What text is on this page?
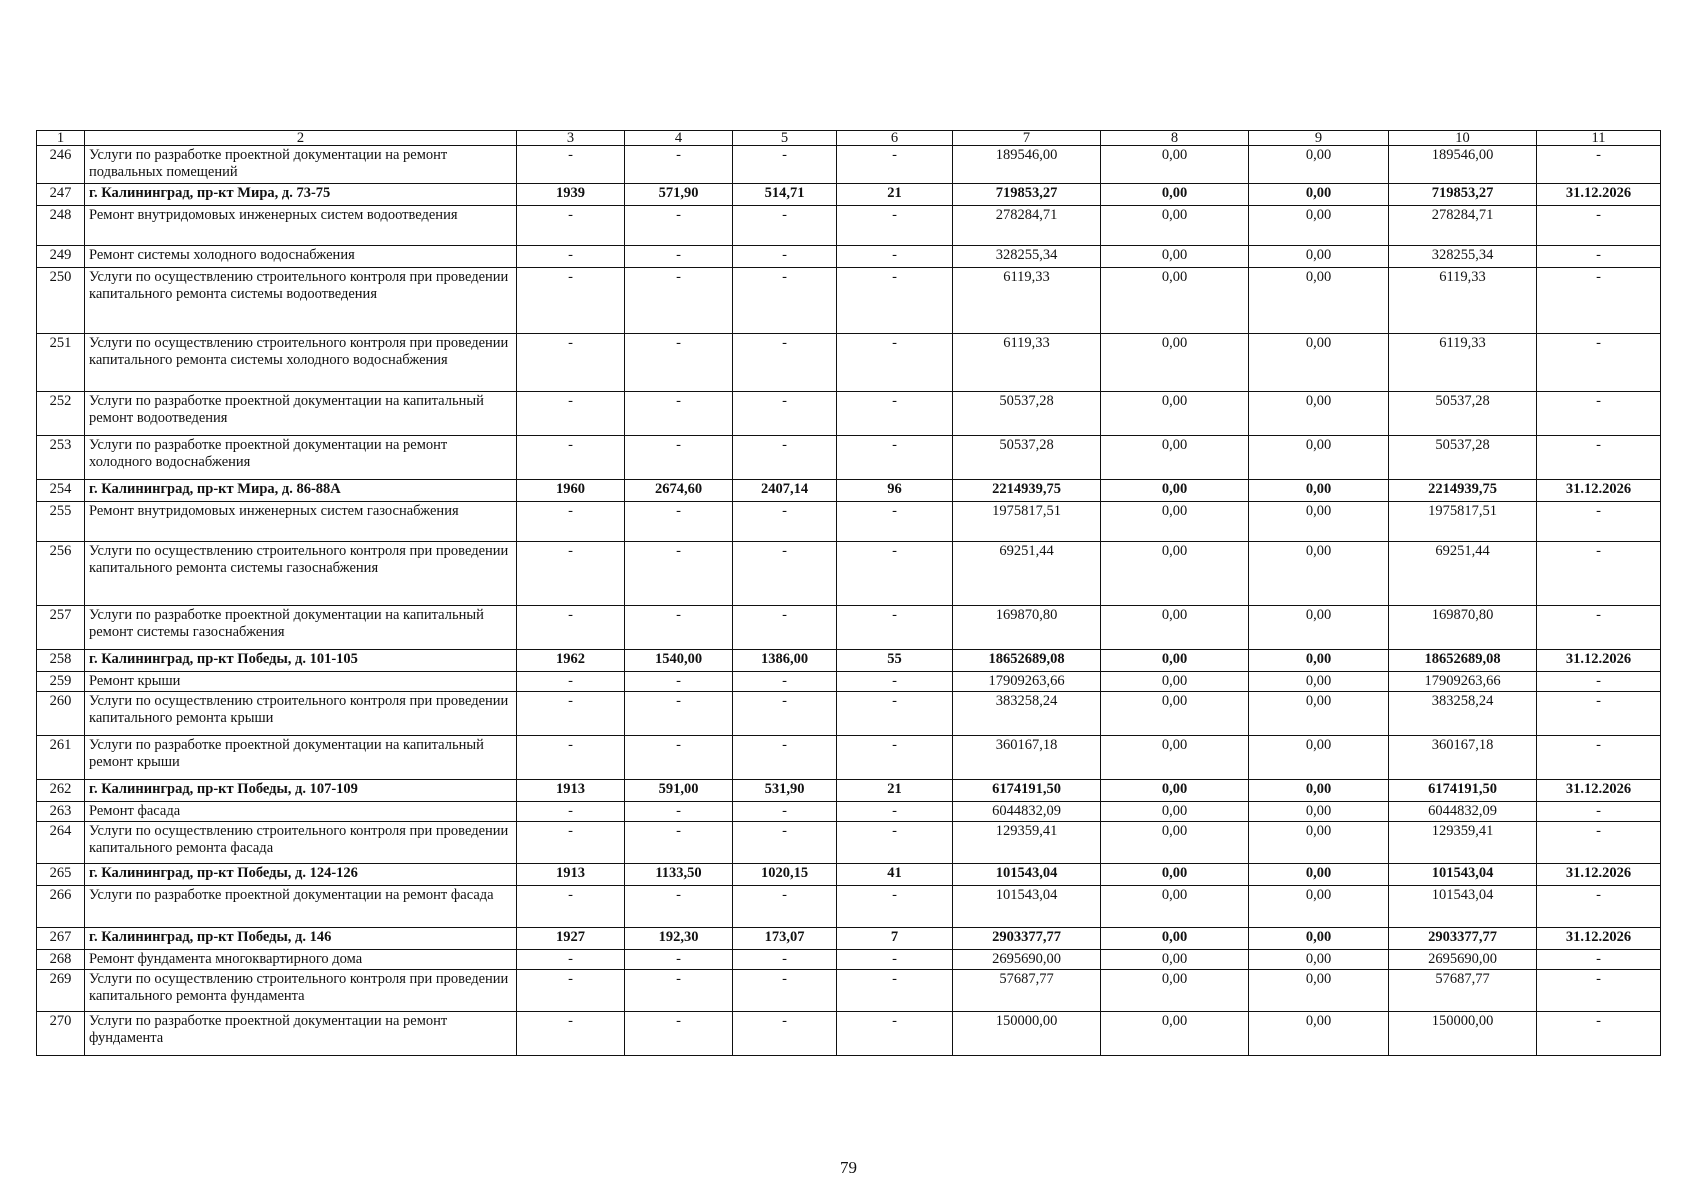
1	2	3	4	5	6	7	8	9	10	11
246	Услуги по разработке проектной документации на ремонт подвальных помещений	-	-	-	-	189546,00	0,00	0,00	189546,00	-
247	г. Калининград, пр-кт Мира, д. 73-75	1939	571,90	514,71	21	719853,27	0,00	0,00	719853,27	31.12.2026
248	Ремонт внутридомовых инженерных систем водоотведения	-	-	-	-	278284,71	0,00	0,00	278284,71	-
249	Ремонт системы холодного водоснабжения	-	-	-	-	328255,34	0,00	0,00	328255,34	-
250	Услуги по осуществлению строительного контроля при проведении капитального ремонта системы водоотведения	-	-	-	-	6119,33	0,00	0,00	6119,33	-
251	Услуги по осуществлению строительного контроля при проведении капитального ремонта системы холодного водоснабжения	-	-	-	-	6119,33	0,00	0,00	6119,33	-
252	Услуги по разработке проектной документации на капитальный ремонт водоотведения	-	-	-	-	50537,28	0,00	0,00	50537,28	-
253	Услуги по разработке проектной документации на ремонт холодного водоснабжения	-	-	-	-	50537,28	0,00	0,00	50537,28	-
254	г. Калининград, пр-кт Мира, д. 86-88А	1960	2674,60	2407,14	96	2214939,75	0,00	0,00	2214939,75	31.12.2026
255	Ремонт внутридомовых инженерных систем газоснабжения	-	-	-	-	1975817,51	0,00	0,00	1975817,51	-
256	Услуги по осуществлению строительного контроля при проведении капитального ремонта системы газоснабжения	-	-	-	-	69251,44	0,00	0,00	69251,44	-
257	Услуги по разработке проектной документации на капитальный ремонт системы газоснабжения	-	-	-	-	169870,80	0,00	0,00	169870,80	-
258	г. Калининград, пр-кт Победы, д. 101-105	1962	1540,00	1386,00	55	18652689,08	0,00	0,00	18652689,08	31.12.2026
259	Ремонт крыши	-	-	-	-	17909263,66	0,00	0,00	17909263,66	-
260	Услуги по осуществлению строительного контроля при проведении капитального ремонта крыши	-	-	-	-	383258,24	0,00	0,00	383258,24	-
261	Услуги по разработке проектной документации на капитальный ремонт крыши	-	-	-	-	360167,18	0,00	0,00	360167,18	-
262	г. Калининград, пр-кт Победы, д. 107-109	1913	591,00	531,90	21	6174191,50	0,00	0,00	6174191,50	31.12.2026
263	Ремонт фасада	-	-	-	-	6044832,09	0,00	0,00	6044832,09	-
264	Услуги по осуществлению строительного контроля при проведении капитального ремонта фасада	-	-	-	-	129359,41	0,00	0,00	129359,41	-
265	г. Калининград, пр-кт Победы, д. 124-126	1913	1133,50	1020,15	41	101543,04	0,00	0,00	101543,04	31.12.2026
266	Услуги по разработке проектной документации на ремонт фасада	-	-	-	-	101543,04	0,00	0,00	101543,04	-
267	г. Калининград, пр-кт Победы, д. 146	1927	192,30	173,07	7	2903377,77	0,00	0,00	2903377,77	31.12.2026
268	Ремонт фундамента многоквартирного дома	-	-	-	-	2695690,00	0,00	0,00	2695690,00	-
269	Услуги по осуществлению строительного контроля при проведении капитального ремонта фундамента	-	-	-	-	57687,77	0,00	0,00	57687,77	-
270	Услуги по разработке проектной документации на ремонт фундамента	-	-	-	-	150000,00	0,00	0,00	150000,00	-
79
